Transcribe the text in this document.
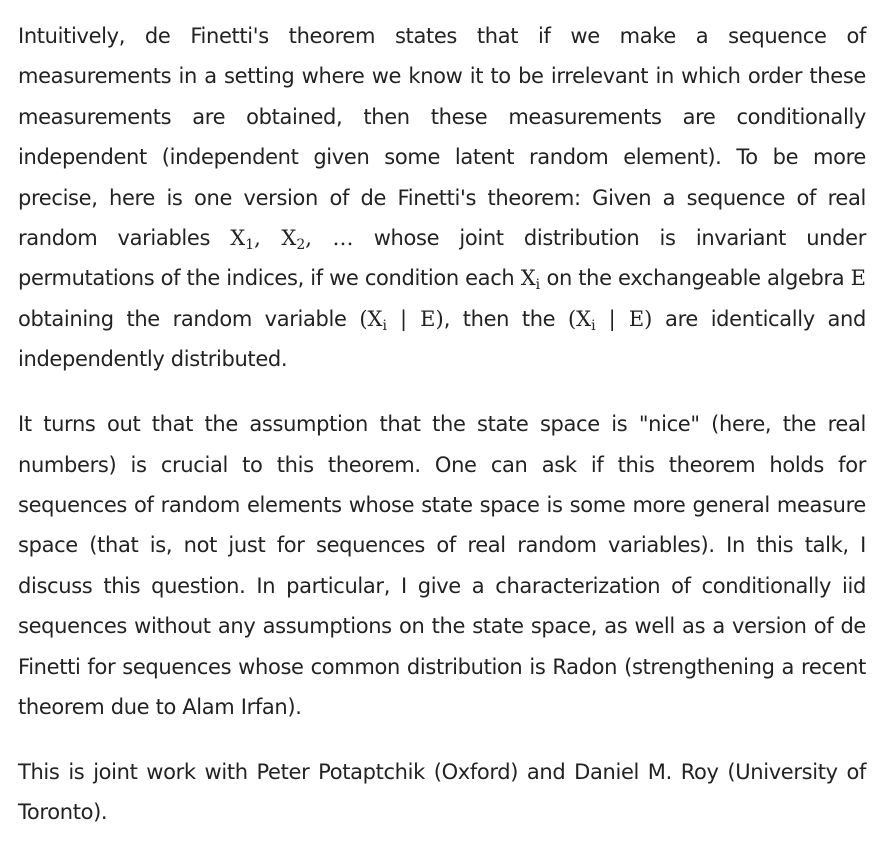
Intuitively, de Finetti's theorem states that if we make a sequence of measurements in a setting where we know it to be irrelevant in which order these measurements are obtained, then these measurements are conditionally independent (independent given some latent random element). To be more precise, here is one version of de Finetti's theorem: Given a sequence of real random variables $X_1$, $X_2$, … whose joint distribution is invariant under permutations of the indices, if we condition each $X_i$ on the exchangeable algebra E obtaining the random variable ($X_i$ | E), then the ($X_i$ | E) are identically and independently distributed.

It turns out that the assumption that the state space is "nice" (here, the real numbers) is crucial to this theorem. One can ask if this theorem holds for sequences of random elements whose state space is some more general measure space (that is, not just for sequences of real random variables). In this talk, I discuss this question. In particular, I give a characterization of conditionally iid sequences without any assumptions on the state space, as well as a version of de Finetti for sequences whose common distribution is Radon (strengthening a recent theorem due to Alam Irfan).

This is joint work with Peter Potaptchik (Oxford) and Daniel M. Roy (University of Toronto).
